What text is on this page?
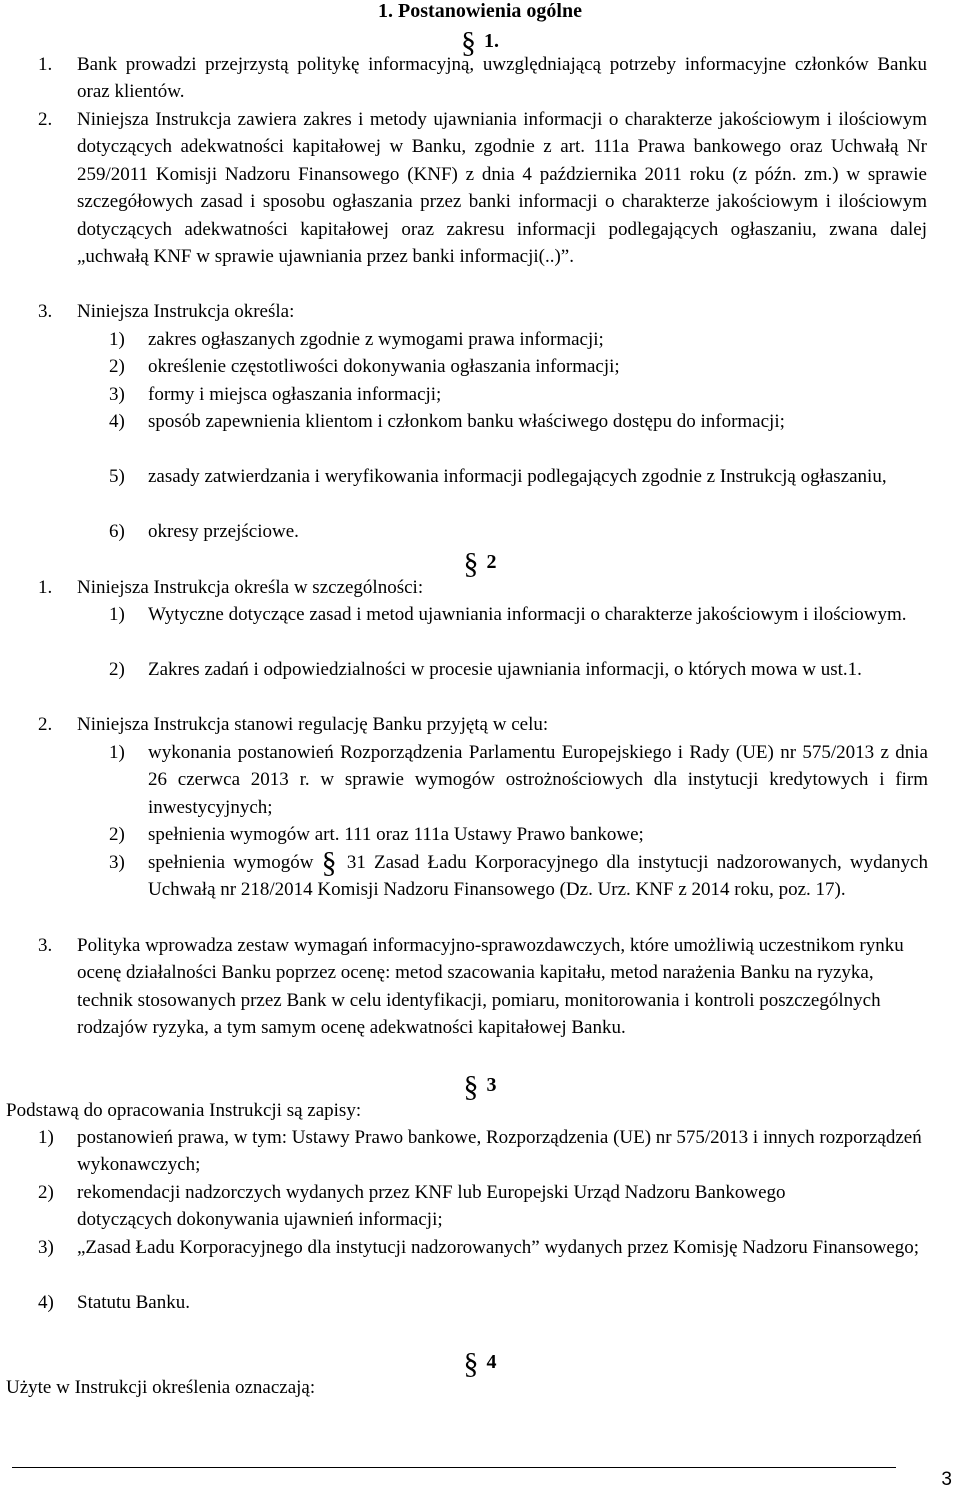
1. Postanowienia ogólne
§ 1.
1. Bank prowadzi przejrzystą politykę informacyjną, uwzględniającą potrzeby informacyjne członków Banku oraz klientów.
2. Niniejsza Instrukcja zawiera zakres i metody ujawniania informacji o charakterze jakościowym i ilościowym dotyczących adekwatności kapitałowej w Banku, zgodnie z art. 111a Prawa bankowego oraz Uchwałą Nr 259/2011 Komisji Nadzoru Finansowego (KNF) z dnia 4 października 2011 roku (z późn. zm.) w sprawie szczegółowych zasad i sposobu ogłaszania przez banki informacji o charakterze jakościowym i ilościowym dotyczących adekwatności kapitałowej oraz zakresu informacji podlegających ogłaszaniu, zwana dalej „uchwałą KNF w sprawie ujawniania przez banki informacji(..)”.
3. Niniejsza Instrukcja określa:
1) zakres ogłaszanych zgodnie z wymogami prawa informacji;
2) określenie częstotliwości dokonywania ogłaszania informacji;
3) formy i miejsca ogłaszania informacji;
4) sposób zapewnienia klientom i członkom banku właściwego dostępu do informacji;
5) zasady zatwierdzania i weryfikowania informacji podlegających zgodnie z Instrukcją ogłaszaniu,
6) okresy przejściowe.
§ 2
1. Niniejsza Instrukcja określa w szczególności:
1) Wytyczne dotyczące zasad i metod ujawniania informacji o charakterze jakościowym i ilościowym.
2) Zakres zadań i odpowiedzialności w procesie ujawniania informacji, o których mowa w ust.1.
2. Niniejsza Instrukcja stanowi regulację Banku przyjętą w celu:
1) wykonania postanowień Rozporządzenia Parlamentu Europejskiego i Rady (UE) nr 575/2013 z dnia 26 czerwca 2013 r. w sprawie wymogów ostrożnościowych dla instytucji kredytowych i firm inwestycyjnych;
2) spełnienia wymogów art. 111 oraz 111a Ustawy Prawo bankowe;
3) spełnienia wymogów § 31 Zasad Ładu Korporacyjnego dla instytucji nadzorowanych, wydanych Uchwałą nr 218/2014 Komisji Nadzoru Finansowego (Dz. Urz. KNF z 2014 roku, poz. 17).
3. Polityka wprowadza zestaw wymagań informacyjno-sprawozdawczych, które umożliwią uczestnikom rynku ocenę działalności Banku poprzez ocenę: metod szacowania kapitału, metod narażenia Banku na ryzyka, technik stosowanych przez Bank w celu identyfikacji, pomiaru, monitorowania i kontroli poszczególnych rodzajów ryzyka, a tym samym ocenę adekwatności kapitałowej Banku.
§ 3
Podstawą do opracowania Instrukcji są zapisy:
1) postanowień prawa, w tym: Ustawy Prawo bankowe, Rozporządzenia (UE) nr 575/2013 i innych rozporządzeń wykonawczych;
2) rekomendacji nadzorczych wydanych przez KNF lub Europejski Urząd Nadzoru Bankowego dotyczących dokonywania ujawnień informacji;
3) „Zasad Ładu Korporacyjnego dla instytucji nadzorowanych” wydanych przez Komisję Nadzoru Finansowego;
4) Statutu Banku.
§ 4
Użyte w Instrukcji określenia oznaczają:
3
